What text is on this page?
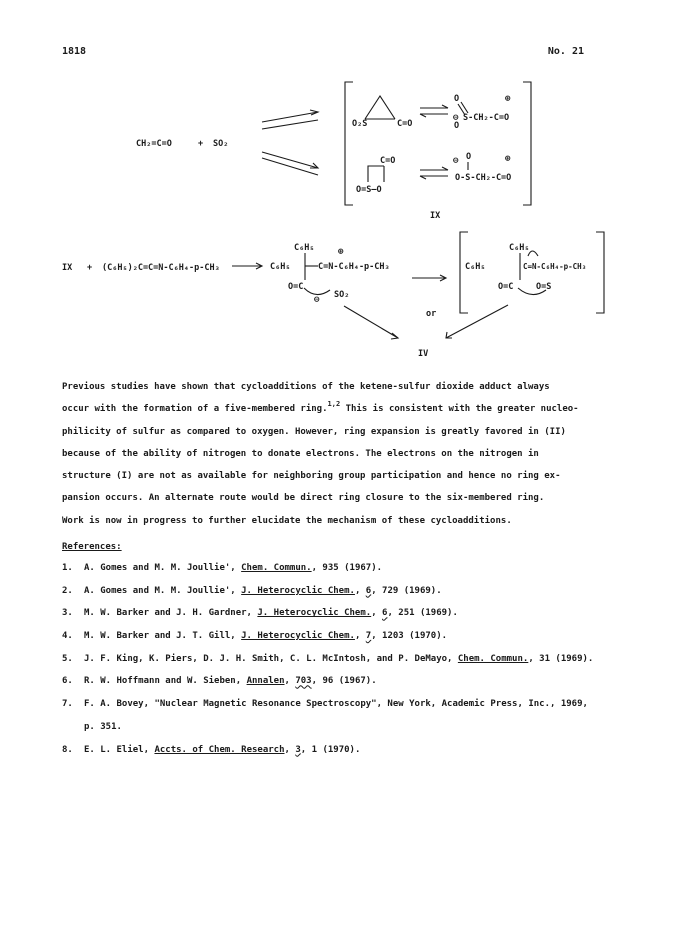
1818	No. 21
CH₂=C=O	+ SO₂
O₂S	C=O
O
O
⊖ S-CH₂-C=O
⊕
C=O
O=S—O
⊖ O	⊕
O-S-CH₂-C=O
IX
IX + (C₆H₅)₂C=C=N-C₆H₄-p-CH₃
C₆H₅	⊕
C₆H₅	C=N-C₆H₄-p-CH₃
O=C
SO₂
⊖
C₆H₅
C₆H₅	C=N-C₆H₄-p-CH₃
O=C	O=S
or
IV
Previous studies have shown that cycloadditions of the ketene-sulfur dioxide adduct always
occur with the formation of a five-membered ring.$^{1,2}$ This is consistent with the greater nucleo-
philicity of sulfur as compared to oxygen. However, ring expansion is greatly favored in (II)
because of the ability of nitrogen to donate electrons. The electrons on the nitrogen in
structure (I) are not as available for neighboring group participation and hence no ring ex-
pansion occurs. An alternate route would be direct ring closure to the six-membered ring.
Work is now in progress to further elucidate the mechanism of these cycloadditions.
References:
1. A. Gomes and M. M. Joullie', Chem. Commun., 935 (1967).
2. A. Gomes and M. M. Joullie', J. Heterocyclic Chem., 6, 729 (1969).
3. M. W. Barker and J. H. Gardner, J. Heterocyclic Chem., 6, 251 (1969).
4. M. W. Barker and J. T. Gill, J. Heterocyclic Chem., 7, 1203 (1970).
5. J. F. King, K. Piers, D. J. H. Smith, C. L. McIntosh, and P. DeMayo, Chem. Commun., 31 (1969).
6. R. W. Hoffmann and W. Sieben, Annalen, 703, 96 (1967).
7. F. A. Bovey, "Nuclear Magnetic Resonance Spectroscopy", New York, Academic Press, Inc., 1969,
p. 351.
8. E. L. Eliel, Accts. of Chem. Research, 3, 1 (1970).
